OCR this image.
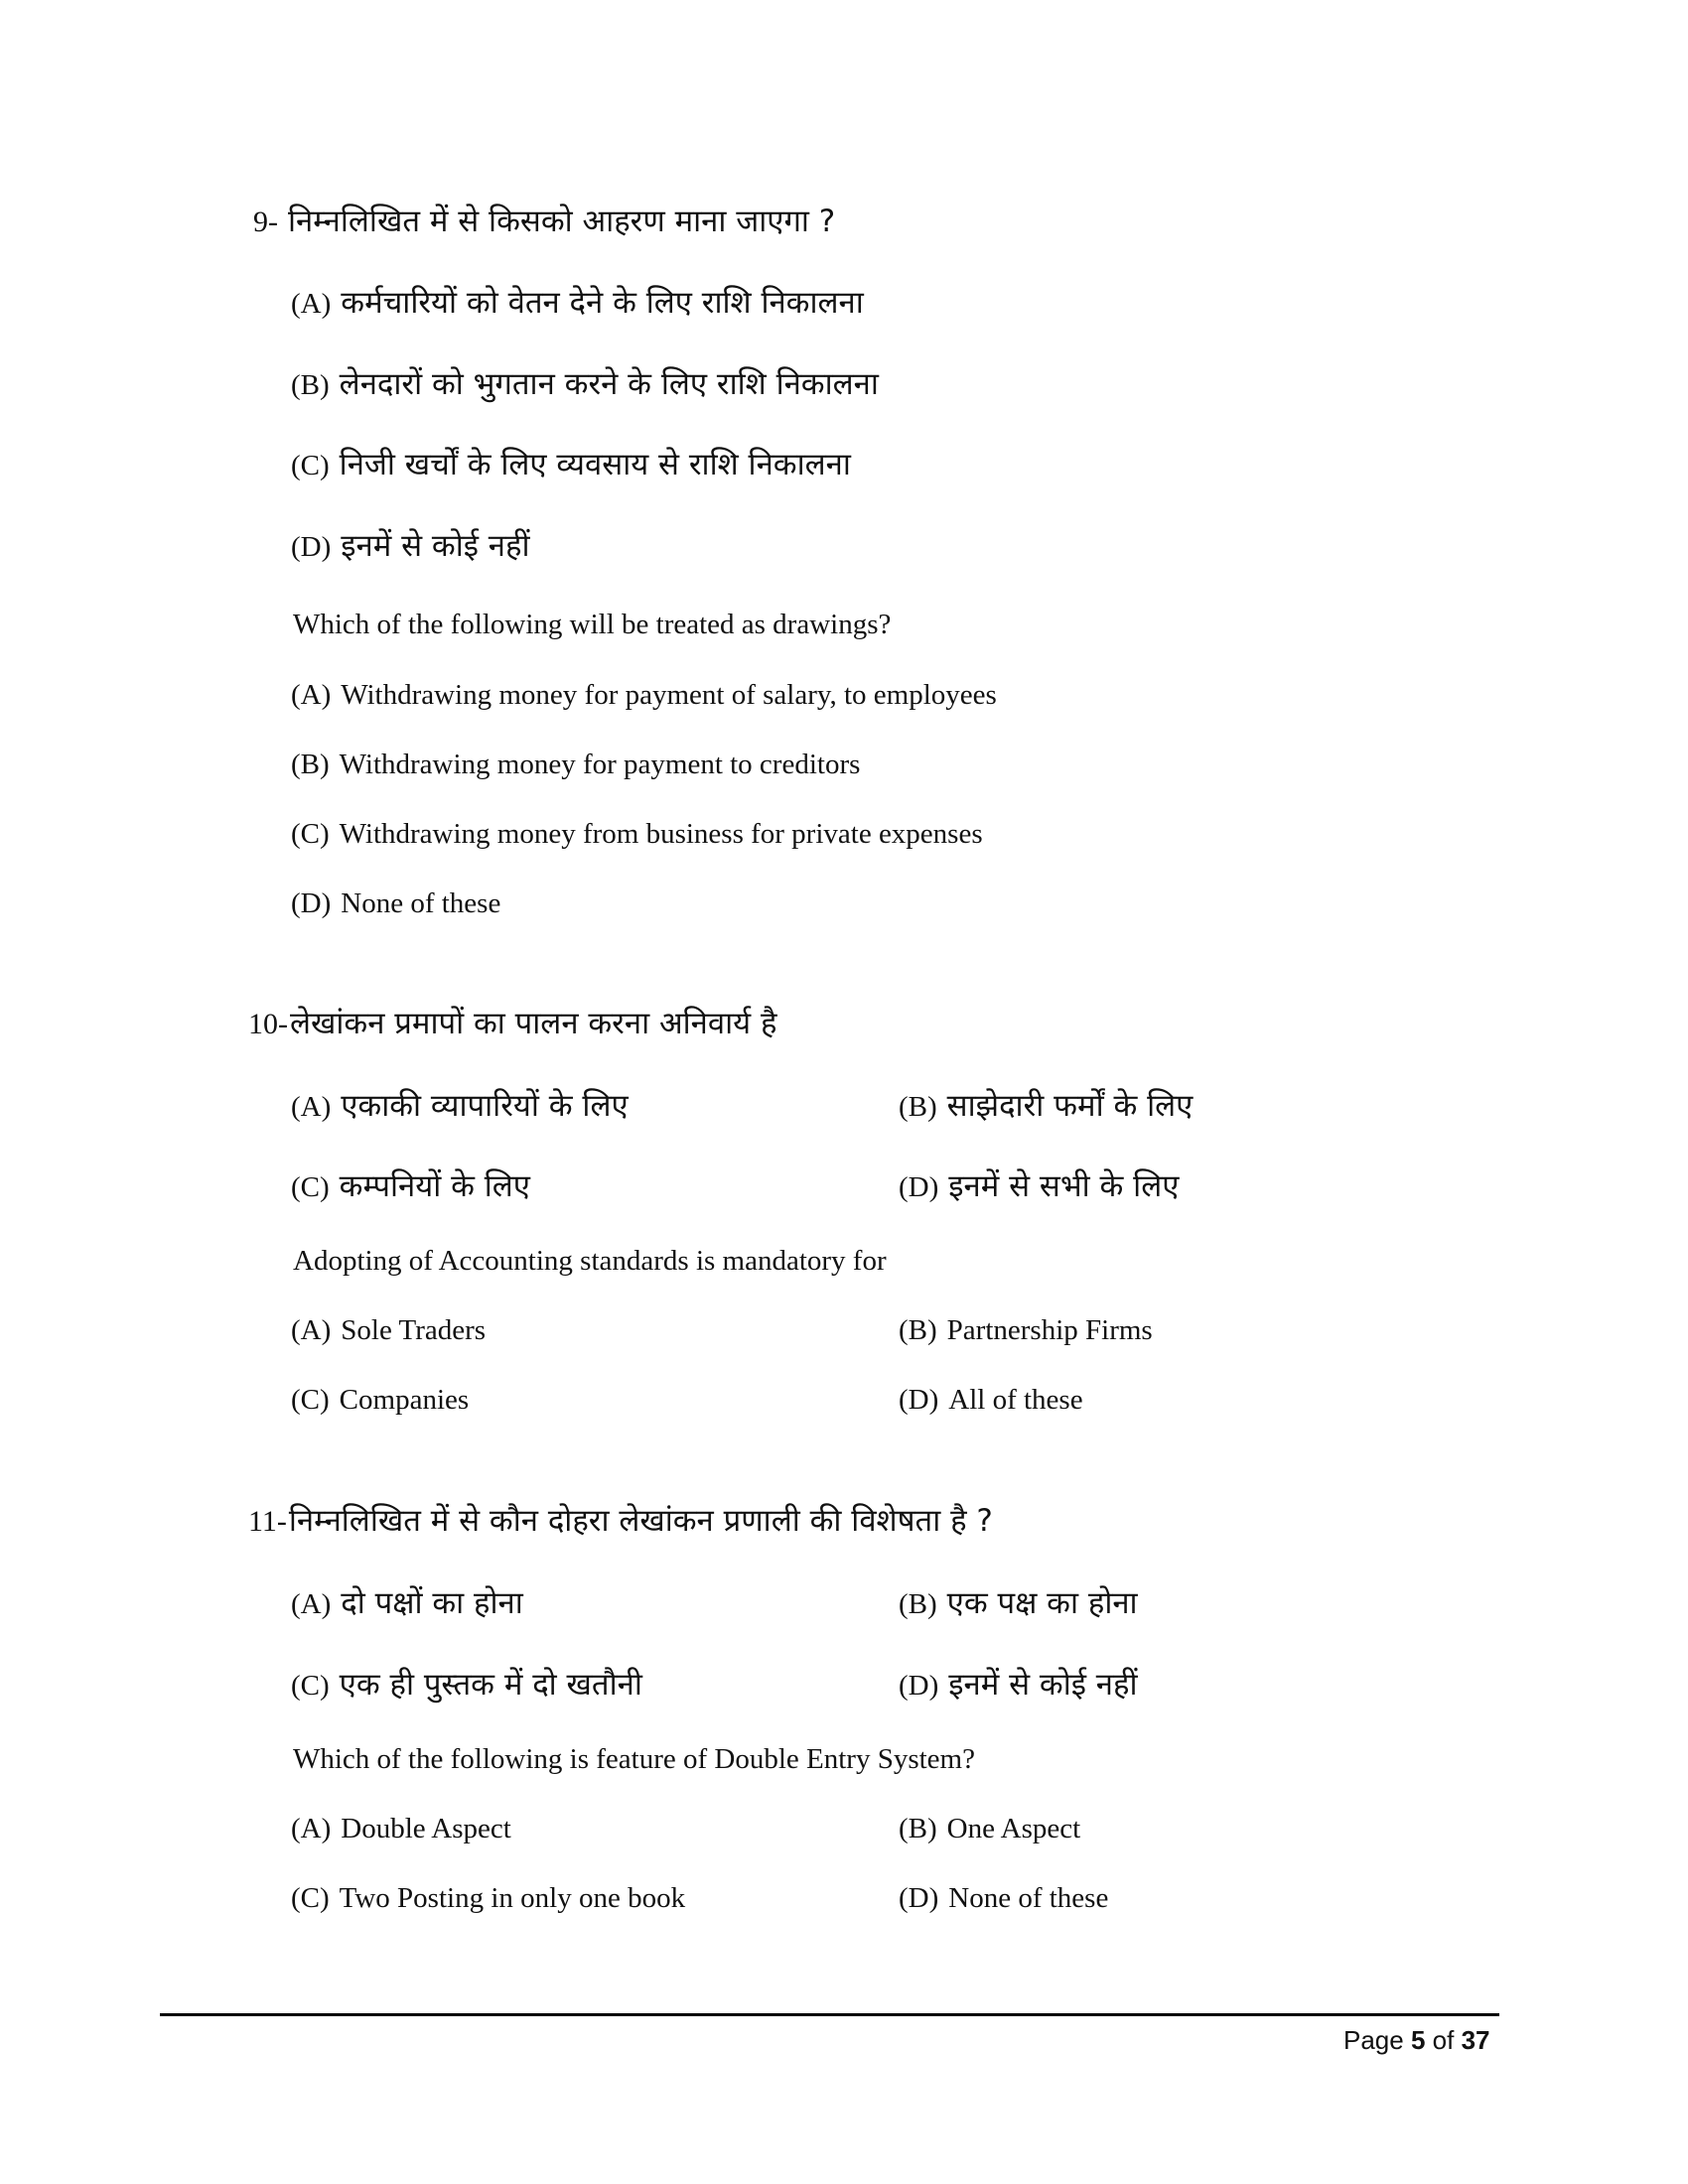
9- निम्नलिखित में से किसको आहरण माना जाएगा ?
(A) कर्मचारियों को वेतन देने के लिए राशि निकालना
(B) लेनदारों को भुगतान करने के लिए राशि निकालना
(C) निजी खर्चों के लिए व्यवसाय से राशि निकालना
(D) इनमें से कोई नहीं
Which of the following will be treated as drawings?
(A) Withdrawing money for payment of salary, to employees
(B) Withdrawing money for payment to creditors
(C) Withdrawing money from business for private expenses
(D) None of these
10-लेखांकन प्रमापों का पालन करना अनिवार्य है
(A) एकाकी व्यापारियों के लिए	(B) साझेदारी फर्मों के लिए
(C) कम्पनियों के लिए	(D) इनमें से सभी के लिए
Adopting of Accounting standards is mandatory for
(A) Sole Traders	(B) Partnership Firms
(C) Companies	(D) All of these
11-निम्नलिखित में से कौन दोहरा लेखांकन प्रणाली की विशेषता है ?
(A) दो पक्षों का होना	(B) एक पक्ष का होना
(C) एक ही पुस्तक में दो खतौनी	(D) इनमें से कोई नहीं
Which of the following is feature of Double Entry System?
(A) Double Aspect	(B) One Aspect
(C) Two Posting in only one book	(D) None of these
Page 5 of 37
